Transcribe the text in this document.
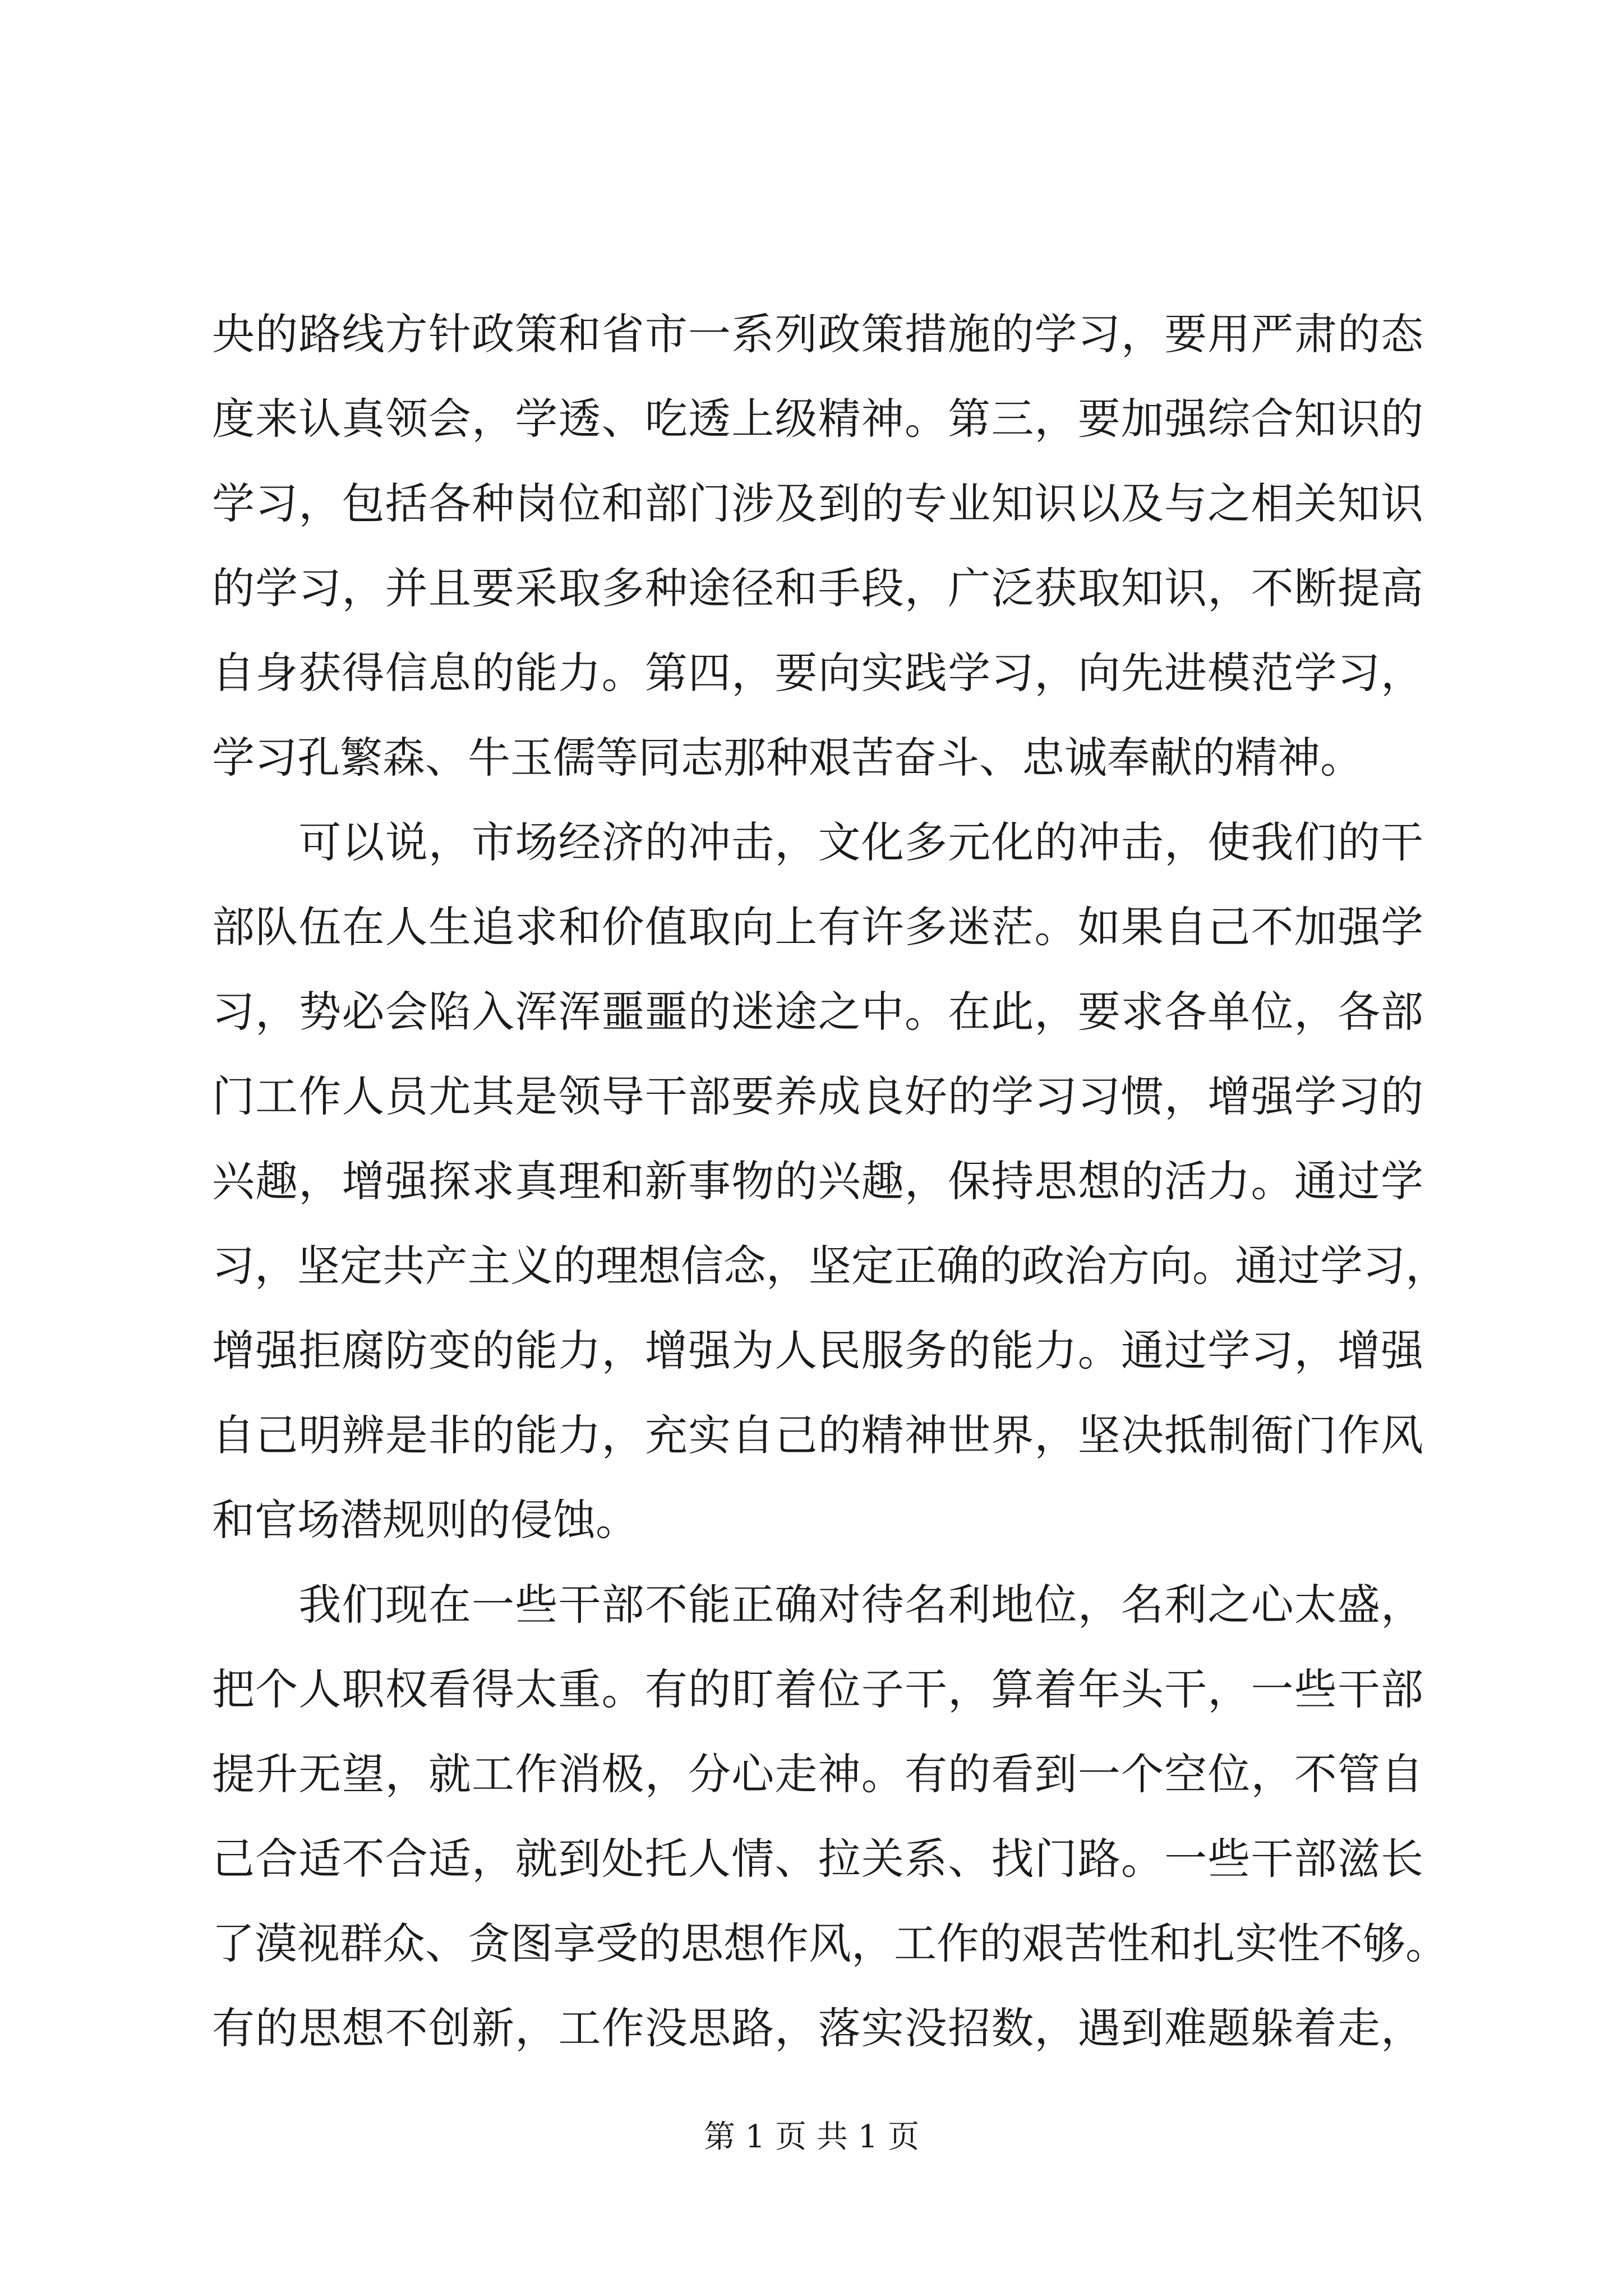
央的路线方针政策和省市一系列政策措施的学习，要用严肃的态
度来认真领会，学透、吃透上级精神。第三，要加强综合知识的
学习，包括各种岗位和部门涉及到的专业知识以及与之相关知识
的学习，并且要采取多种途径和手段，广泛获取知识，不断提高
自身获得信息的能力。第四，要向实践学习，向先进模范学习，
学习孔繁森、牛玉儒等同志那种艰苦奋斗、忠诚奉献的精神。
　　可以说，市场经济的冲击，文化多元化的冲击，使我们的干
部队伍在人生追求和价值取向上有许多迷茫。如果自己不加强学
习，势必会陷入浑浑噩噩的迷途之中。在此，要求各单位，各部
门工作人员尤其是领导干部要养成良好的学习习惯，增强学习的
兴趣，增强探求真理和新事物的兴趣，保持思想的活力。通过学
习，坚定共产主义的理想信念，坚定正确的政治方向。通过学习，
增强拒腐防变的能力，增强为人民服务的能力。通过学习，增强
自己明辨是非的能力，充实自己的精神世界，坚决抵制衙门作风
和官场潜规则的侵蚀。
　　我们现在一些干部不能正确对待名利地位，名利之心太盛，
把个人职权看得太重。有的盯着位子干，算着年头干，一些干部
提升无望，就工作消极，分心走神。有的看到一个空位，不管自
己合适不合适，就到处托人情、拉关系、找门路。一些干部滋长
了漠视群众、贪图享受的思想作风，工作的艰苦性和扎实性不够。
有的思想不创新，工作没思路，落实没招数，遇到难题躲着走，
第 1 页 共 1 页
